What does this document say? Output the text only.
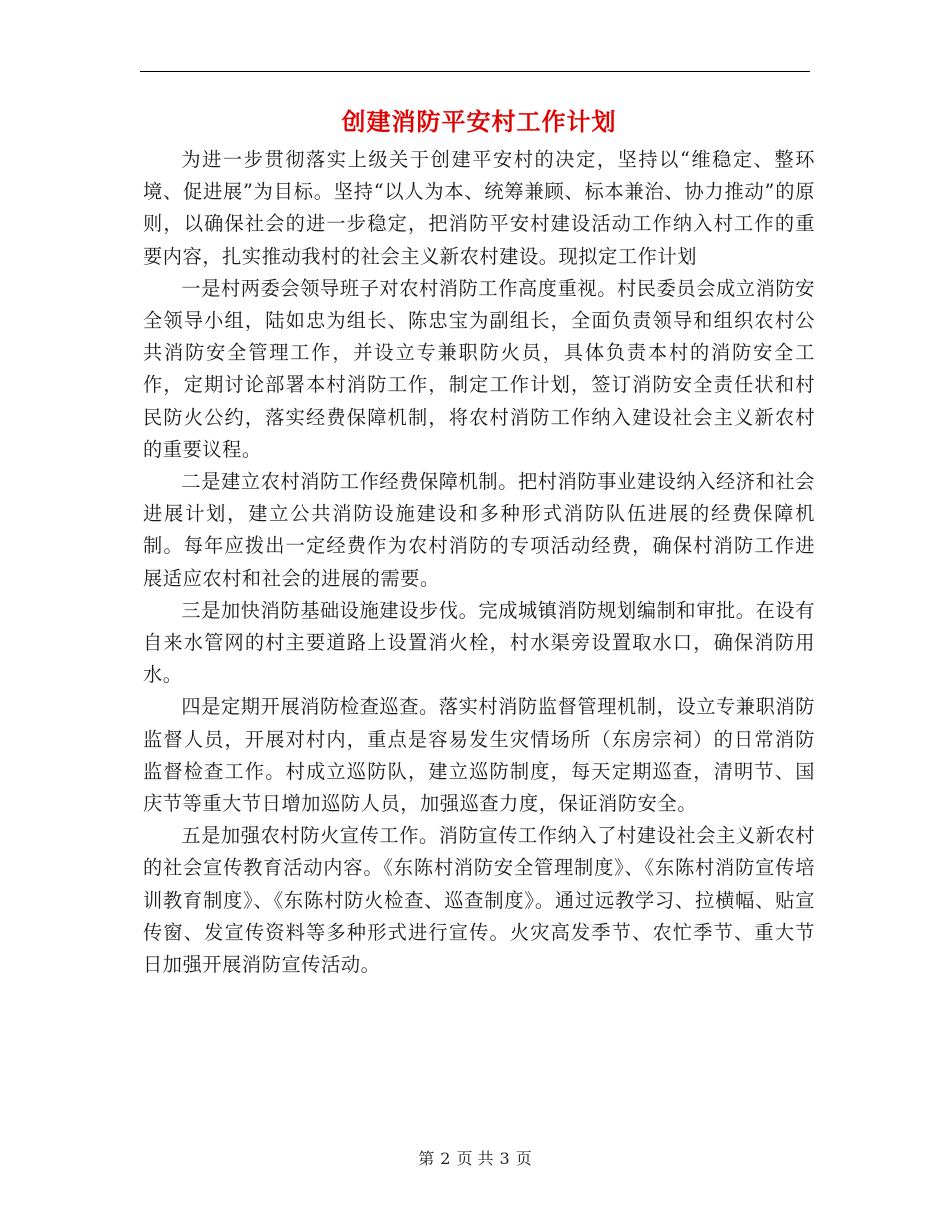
创建消防平安村工作计划

为进一步贯彻落实上级关于创建平安村的决定，坚持以“维稳定、整环境、促进展”为目标。坚持“以人为本、统筹兼顾、标本兼治、协力推动”的原则，以确保社会的进一步稳定，把消防平安村建设活动工作纳入村工作的重要内容，扎实推动我村的社会主义新农村建设。现拟定工作计划

一是村两委会领导班子对农村消防工作高度重视。村民委员会成立消防安全领导小组，陆如忠为组长、陈忠宝为副组长，全面负责领导和组织农村公共消防安全管理工作，并设立专兼职防火员，具体负责本村的消防安全工作，定期讨论部署本村消防工作，制定工作计划，签订消防安全责任状和村民防火公约，落实经费保障机制，将农村消防工作纳入建设社会主义新农村的重要议程。

二是建立农村消防工作经费保障机制。把村消防事业建设纳入经济和社会进展计划，建立公共消防设施建设和多种形式消防队伍进展的经费保障机制。每年应拨出一定经费作为农村消防的专项活动经费，确保村消防工作进展适应农村和社会的进展的需要。

三是加快消防基础设施建设步伐。完成城镇消防规划编制和审批。在设有自来水管网的村主要道路上设置消火栓，村水渠旁设置取水口，确保消防用水。

四是定期开展消防检查巡查。落实村消防监督管理机制，设立专兼职消防监督人员，开展对村内，重点是容易发生灾情场所（东房宗祠）的日常消防监督检查工作。村成立巡防队，建立巡防制度，每天定期巡查，清明节、国庆节等重大节日增加巡防人员，加强巡查力度，保证消防安全。

五是加强农村防火宣传工作。消防宣传工作纳入了村建设社会主义新农村的社会宣传教育活动内容。《东陈村消防安全管理制度》、《东陈村消防宣传培训教育制度》、《东陈村防火检查、巡查制度》。通过远教学习、拉横幅、贴宣传窗、发宣传资料等多种形式进行宣传。火灾高发季节、农忙季节、重大节日加强开展消防宣传活动。

第 2 页 共 3 页
